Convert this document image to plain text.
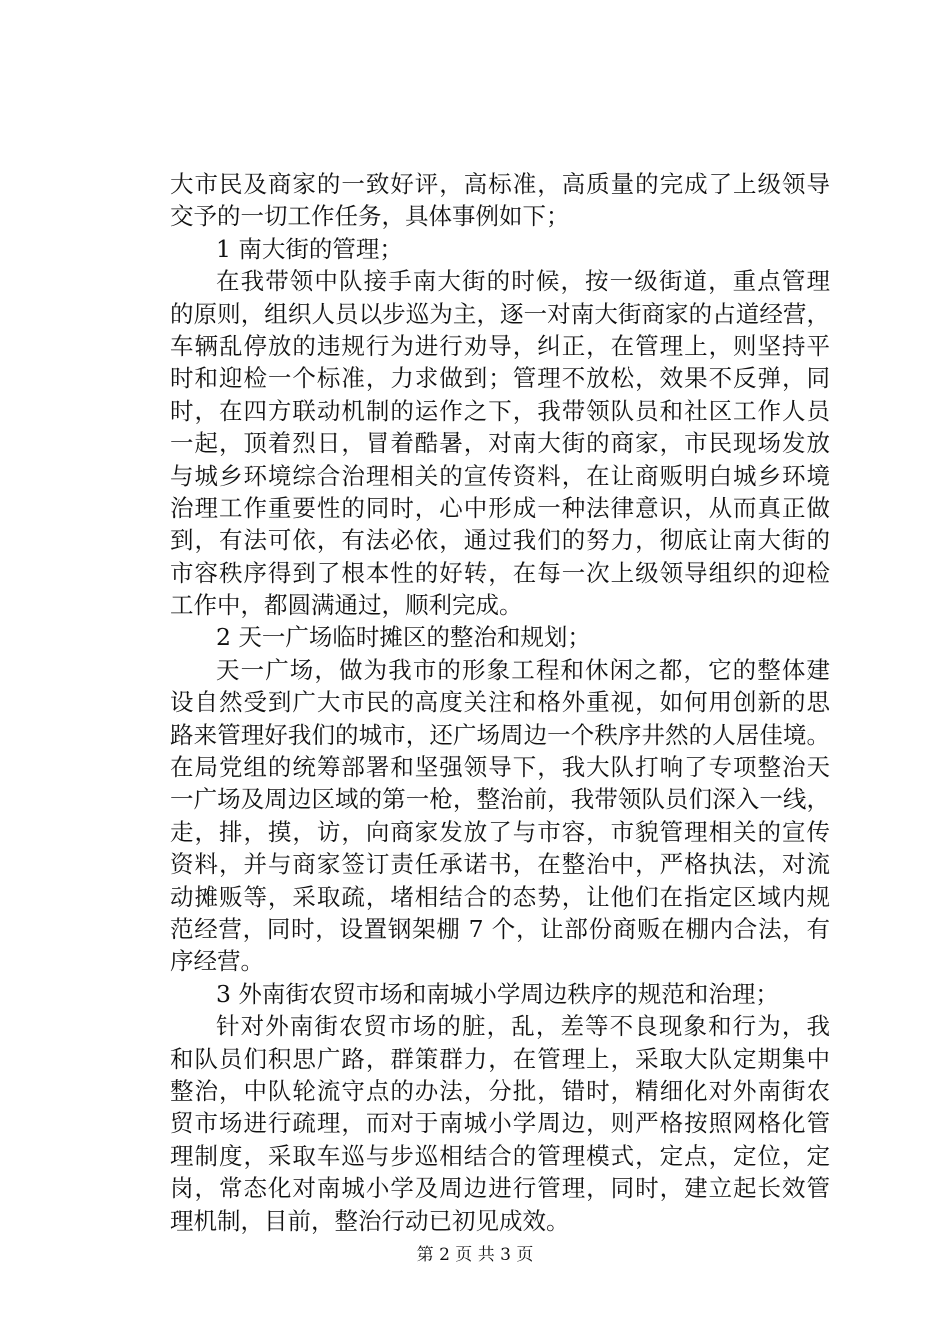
大市民及商家的一致好评，高标准，高质量的完成了上级领导
交予的一切工作任务，具体事例如下；
1 南大街的管理；
在我带领中队接手南大街的时候，按一级街道，重点管理
的原则，组织人员以步巡为主，逐一对南大街商家的占道经营，
车辆乱停放的违规行为进行劝导，纠正，在管理上，则坚持平
时和迎检一个标准，力求做到；管理不放松，效果不反弹，同
时，在四方联动机制的运作之下，我带领队员和社区工作人员
一起，顶着烈日，冒着酷暑，对南大街的商家，市民现场发放
与城乡环境综合治理相关的宣传资料，在让商贩明白城乡环境
治理工作重要性的同时，心中形成一种法律意识，从而真正做
到，有法可依，有法必依，通过我们的努力，彻底让南大街的
市容秩序得到了根本性的好转，在每一次上级领导组织的迎检
工作中，都圆满通过，顺利完成。
2 天一广场临时摊区的整治和规划；
天一广场，做为我市的形象工程和休闲之都，它的整体建
设自然受到广大市民的高度关注和格外重视，如何用创新的思
路来管理好我们的城市，还广场周边一个秩序井然的人居佳境。
在局党组的统筹部署和坚强领导下，我大队打响了专项整治天
一广场及周边区域的第一枪，整治前，我带领队员们深入一线，
走，排，摸，访，向商家发放了与市容，市貌管理相关的宣传
资料，并与商家签订责任承诺书，在整治中，严格执法，对流
动摊贩等，采取疏，堵相结合的态势，让他们在指定区域内规
范经营，同时，设置钢架棚 7 个，让部份商贩在棚内合法，有
序经营。
3 外南街农贸市场和南城小学周边秩序的规范和治理；
针对外南街农贸市场的脏，乱，差等不良现象和行为，我
和队员们积思广路，群策群力，在管理上，采取大队定期集中
整治，中队轮流守点的办法，分批，错时，精细化对外南街农
贸市场进行疏理，而对于南城小学周边，则严格按照网格化管
理制度，采取车巡与步巡相结合的管理模式，定点，定位，定
岗，常态化对南城小学及周边进行管理，同时，建立起长效管
理机制，目前，整治行动已初见成效。
第 2 页 共 3 页
